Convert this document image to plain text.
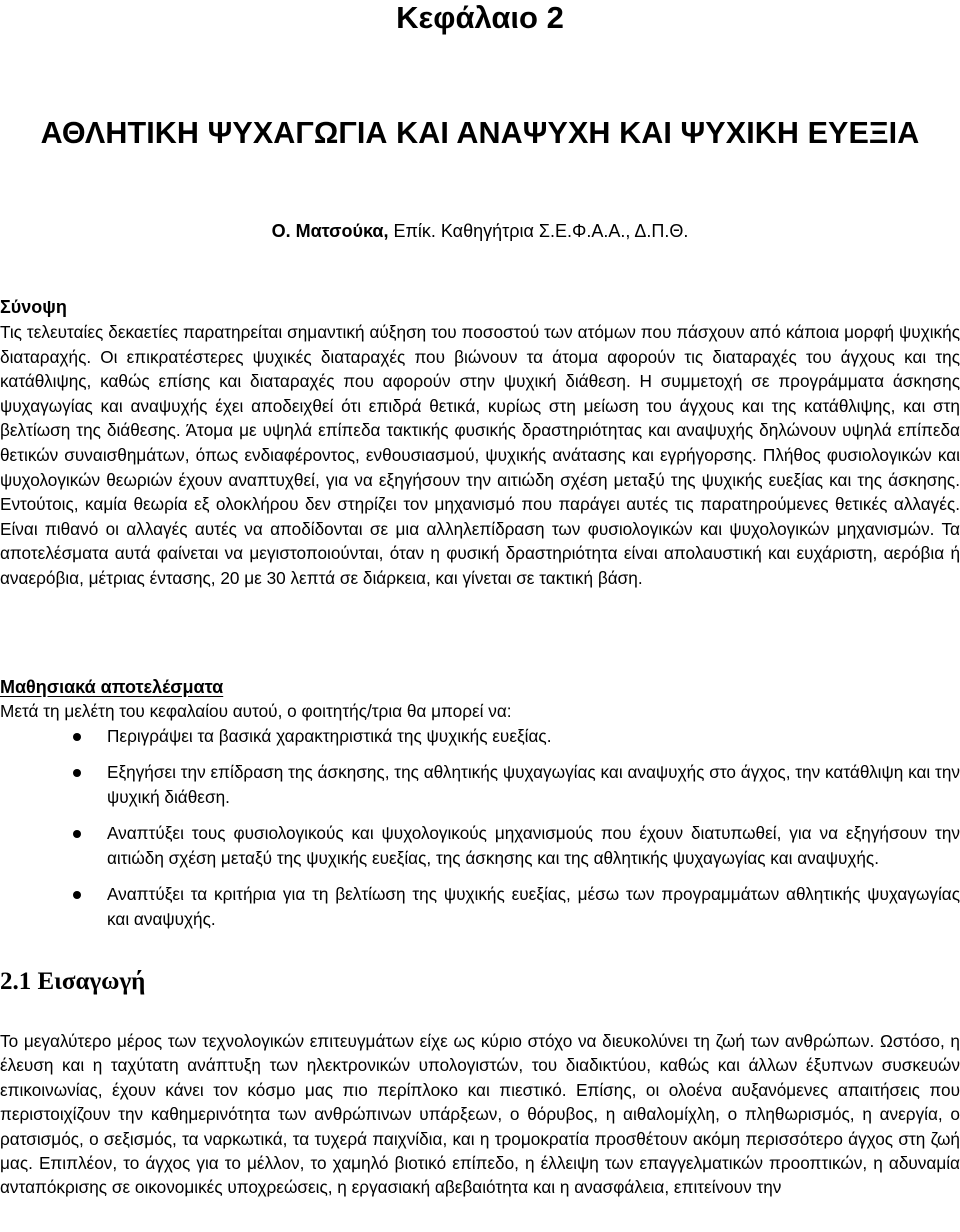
Κεφάλαιο 2
ΑΘΛΗΤΙΚΗ ΨΥΧΑΓΩΓΙΑ ΚΑΙ ΑΝΑΨΥΧΗ ΚΑΙ ΨΥΧΙΚΗ ΕΥΕΞΙΑ
Ο. Ματσούκα, Επίκ. Καθηγήτρια Σ.Ε.Φ.Α.Α., Δ.Π.Θ.

Σύνοψη

Τις τελευταίες δεκαετίες παρατηρείται σημαντική αύξηση του ποσοστού των ατόμων που πάσχουν από κάποια μορφή ψυχικής διαταραχής. Οι επικρατέστερες ψυχικές διαταραχές που βιώνουν τα άτομα αφορούν τις διαταραχές του άγχους και της κατάθλιψης, καθώς επίσης και διαταραχές που αφορούν στην ψυχική διάθεση. Η συμμετοχή σε προγράμματα άσκησης ψυχαγωγίας και αναψυχής έχει αποδειχθεί ότι επιδρά θετικά, κυρίως στη μείωση του άγχους και της κατάθλιψης, και στη βελτίωση της διάθεσης. Άτομα με υψηλά επίπεδα τακτικής φυσικής δραστηριότητας και αναψυχής δηλώνουν υψηλά επίπεδα θετικών συναισθημάτων, όπως ενδιαφέροντος, ενθουσιασμού, ψυχικής ανάτασης και εγρήγορσης. Πλήθος φυσιολογικών και ψυχολογικών θεωριών έχουν αναπτυχθεί, για να εξηγήσουν την αιτιώδη σχέση μεταξύ της ψυχικής ευεξίας και της άσκησης. Εντούτοις, καμία θεωρία εξ ολοκλήρου δεν στηρίζει τον μηχανισμό που παράγει αυτές τις παρατηρούμενες θετικές αλλαγές. Είναι πιθανό οι αλλαγές αυτές να αποδίδονται σε μια αλληλεπίδραση των φυσιολογικών και ψυχολογικών μηχανισμών. Τα αποτελέσματα αυτά φαίνεται να μεγιστοποιούνται, όταν η φυσική δραστηριότητα είναι απολαυστική και ευχάριστη, αερόβια ή αναερόβια, μέτριας έντασης, 20 με 30 λεπτά σε διάρκεια, και γίνεται σε τακτική βάση.

Μαθησιακά αποτελέσματα

Μετά τη μελέτη του κεφαλαίου αυτού, ο φοιτητής/τρια θα μπορεί να:

Περιγράψει τα βασικά χαρακτηριστικά της ψυχικής ευεξίας.
Εξηγήσει την επίδραση της άσκησης, της αθλητικής ψυχαγωγίας και αναψυχής στο άγχος, την κατάθλιψη και την ψυχική διάθεση.
Αναπτύξει τους φυσιολογικούς και ψυχολογικούς μηχανισμούς που έχουν διατυπωθεί, για να εξηγήσουν την αιτιώδη σχέση μεταξύ της ψυχικής ευεξίας, της άσκησης και της αθλητικής ψυχαγωγίας και αναψυχής.
Αναπτύξει τα κριτήρια για τη βελτίωση της ψυχικής ευεξίας, μέσω των προγραμμάτων αθλητικής ψυχαγωγίας και αναψυχής.
2.1 Εισαγωγή

Το μεγαλύτερο μέρος των τεχνολογικών επιτευγμάτων είχε ως κύριο στόχο να διευκολύνει τη ζωή των ανθρώπων. Ωστόσο, η έλευση και η ταχύτατη ανάπτυξη των ηλεκτρονικών υπολογιστών, του διαδικτύου, καθώς και άλλων έξυπνων συσκευών επικοινωνίας, έχουν κάνει τον κόσμο μας πιο περίπλοκο και πιεστικό. Επίσης, οι ολοένα αυξανόμενες απαιτήσεις που περιστοιχίζουν την καθημερινότητα των ανθρώπινων υπάρξεων, ο θόρυβος, η αιθαλομίχλη, ο πληθωρισμός, η ανεργία, ο ρατσισμός, ο σεξισμός, τα ναρκωτικά, τα τυχερά παιχνίδια, και η τρομοκρατία προσθέτουν ακόμη περισσότερο άγχος στη ζωή μας. Επιπλέον, το άγχος για το μέλλον, το χαμηλό βιοτικό επίπεδο, η έλλειψη των επαγγελματικών προοπτικών, η αδυναμία ανταπόκρισης σε οικονομικές υποχρεώσεις, η εργασιακή αβεβαιότητα και η ανασφάλεια, επιτείνουν την
